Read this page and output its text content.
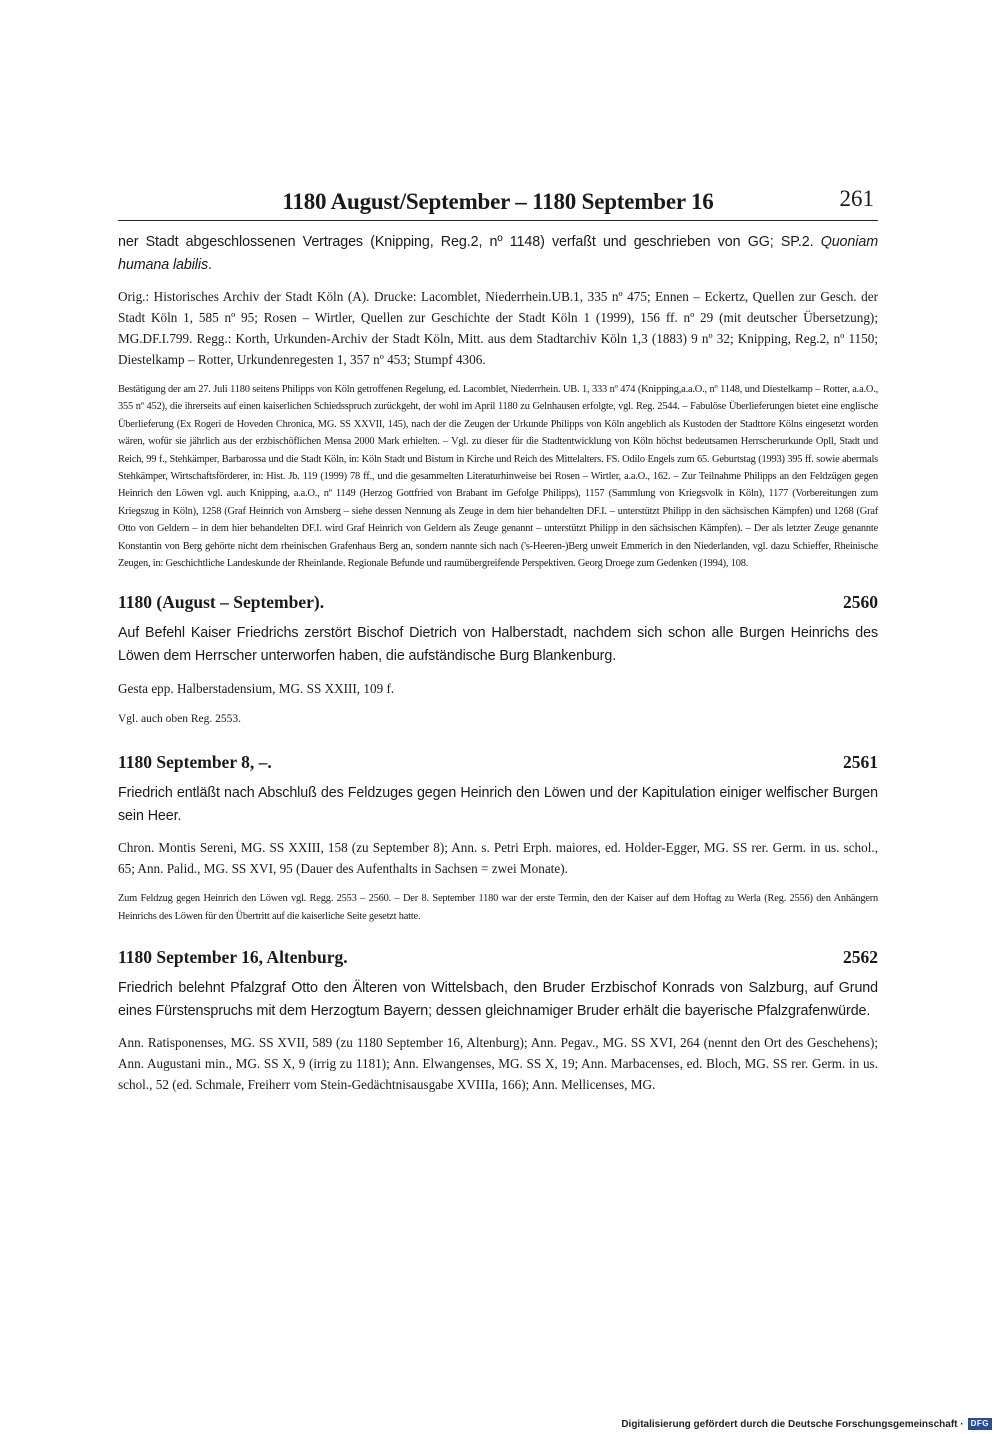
1180 August/September – 1180 September 16	261

ner Stadt abgeschlossenen Vertrages (Knipping, Reg.2, nº 1148) verfaßt und geschrieben von GG; SP.2. Quoniam humana labilis.

Orig.: Historisches Archiv der Stadt Köln (A). Drucke: Lacomblet, Niederrhein.UB.1, 335 nº 475; Ennen – Eckertz, Quellen zur Gesch. der Stadt Köln 1, 585 nº 95; Rosen – Wirtler, Quellen zur Geschichte der Stadt Köln 1 (1999), 156 ff. nº 29 (mit deutscher Übersetzung); MG.DF.I.799. Regg.: Korth, Urkunden-Archiv der Stadt Köln, Mitt. aus dem Stadtarchiv Köln 1,3 (1883) 9 nº 32; Knipping, Reg.2, nº 1150; Diestelkamp – Rotter, Urkundenregesten 1, 357 nº 453; Stumpf 4306.

Bestätigung der am 27. Juli 1180 seitens Philipps von Köln getroffenen Regelung, ed. Lacomblet, Niederrhein. UB. 1, 333 nº 474 (Knipping,a.a.O., nº 1148, und Diestelkamp – Rotter, a.a.O., 355 nº 452), die ihrerseits auf einen kaiserlichen Schiedsspruch zurückgeht, der wohl im April 1180 zu Gelnhausen erfolgte, vgl. Reg. 2544. – Fabulöse Überlieferungen bietet eine englische Überlieferung (Ex Rogeri de Hoveden Chronica, MG. SS XXVII, 145), nach der die Zeugen der Urkunde Philipps von Köln angeblich als Kustoden der Stadttore Kölns eingesetzt worden wären, wofür sie jährlich aus der erzbischöflichen Mensa 2000 Mark erhielten. – Vgl. zu dieser für die Stadtentwicklung von Köln höchst bedeutsamen Herrscherurkunde Opll, Stadt und Reich, 99 f., Stehkämper, Barbarossa und die Stadt Köln, in: Köln Stadt und Bistum in Kirche und Reich des Mittelalters. FS. Odilo Engels zum 65. Geburtstag (1993) 395 ff. sowie abermals Stehkämper, Wirtschaftsförderer, in: Hist. Jb. 119 (1999) 78 ff., und die gesammelten Literaturhinweise bei Rosen – Wirtler, a.a.O., 162. – Zur Teilnahme Philipps an den Feldzügen gegen Heinrich den Löwen vgl. auch Knipping, a.a.O., nº 1149 (Herzog Gottfried von Brabant im Gefolge Philipps), 1157 (Sammlung von Kriegsvolk in Köln), 1177 (Vorbereitungen zum Kriegszug in Köln), 1258 (Graf Heinrich von Arnsberg – siehe dessen Nennung als Zeuge in dem hier behandelten DF.I. – unterstützt Philipp in den sächsischen Kämpfen) und 1268 (Graf Otto von Geldern – in dem hier behandelten DF.I. wird Graf Heinrich von Geldern als Zeuge genannt – unterstützt Philipp in den sächsischen Kämpfen). – Der als letzter Zeuge genannte Konstantin von Berg gehörte nicht dem rheinischen Grafenhaus Berg an, sondern nannte sich nach ('s-Heeren-)Berg unweit Emmerich in den Niederlanden, vgl. dazu Schieffer, Rheinische Zeugen, in: Geschichtliche Landeskunde der Rheinlande. Regionale Befunde und raumübergreifende Perspektiven. Georg Droege zum Gedenken (1994), 108.

1180 (August – September).	2560

Auf Befehl Kaiser Friedrichs zerstört Bischof Dietrich von Halberstadt, nachdem sich schon alle Burgen Heinrichs des Löwen dem Herrscher unterworfen haben, die aufständische Burg Blankenburg.

Gesta epp. Halberstadensium, MG. SS XXIII, 109 f.

Vgl. auch oben Reg. 2553.

1180 September 8, –.	2561

Friedrich entläßt nach Abschluß des Feldzuges gegen Heinrich den Löwen und der Kapitulation einiger welfischer Burgen sein Heer.

Chron. Montis Sereni, MG. SS XXIII, 158 (zu September 8); Ann. s. Petri Erph. maiores, ed. Holder-Egger, MG. SS rer. Germ. in us. schol., 65; Ann. Palid., MG. SS XVI, 95 (Dauer des Aufenthalts in Sachsen = zwei Monate).

Zum Feldzug gegen Heinrich den Löwen vgl. Regg. 2553 – 2560. – Der 8. September 1180 war der erste Termin, den der Kaiser auf dem Hoftag zu Werla (Reg. 2556) den Anhängern Heinrichs des Löwen für den Übertritt auf die kaiserliche Seite gesetzt hatte.

1180 September 16, Altenburg.	2562

Friedrich belehnt Pfalzgraf Otto den Älteren von Wittelsbach, den Bruder Erzbischof Konrads von Salzburg, auf Grund eines Fürstenspruchs mit dem Herzogtum Bayern; dessen gleichnamiger Bruder erhält die bayerische Pfalzgrafenwürde.

Ann. Ratisponenses, MG. SS XVII, 589 (zu 1180 September 16, Altenburg); Ann. Pegav., MG. SS XVI, 264 (nennt den Ort des Geschehens); Ann. Augustani min., MG. SS X, 9 (irrig zu 1181); Ann. Elwangenses, MG. SS X, 19; Ann. Marbacenses, ed. Bloch, MG. SS rer. Germ. in us. schol., 52 (ed. Schmale, Freiherr vom Stein-Gedächtnisausgabe XVIIIa, 166); Ann. Mellicenses, MG.

Digitalisierung gefördert durch die Deutsche Forschungsgemeinschaft · DFG
